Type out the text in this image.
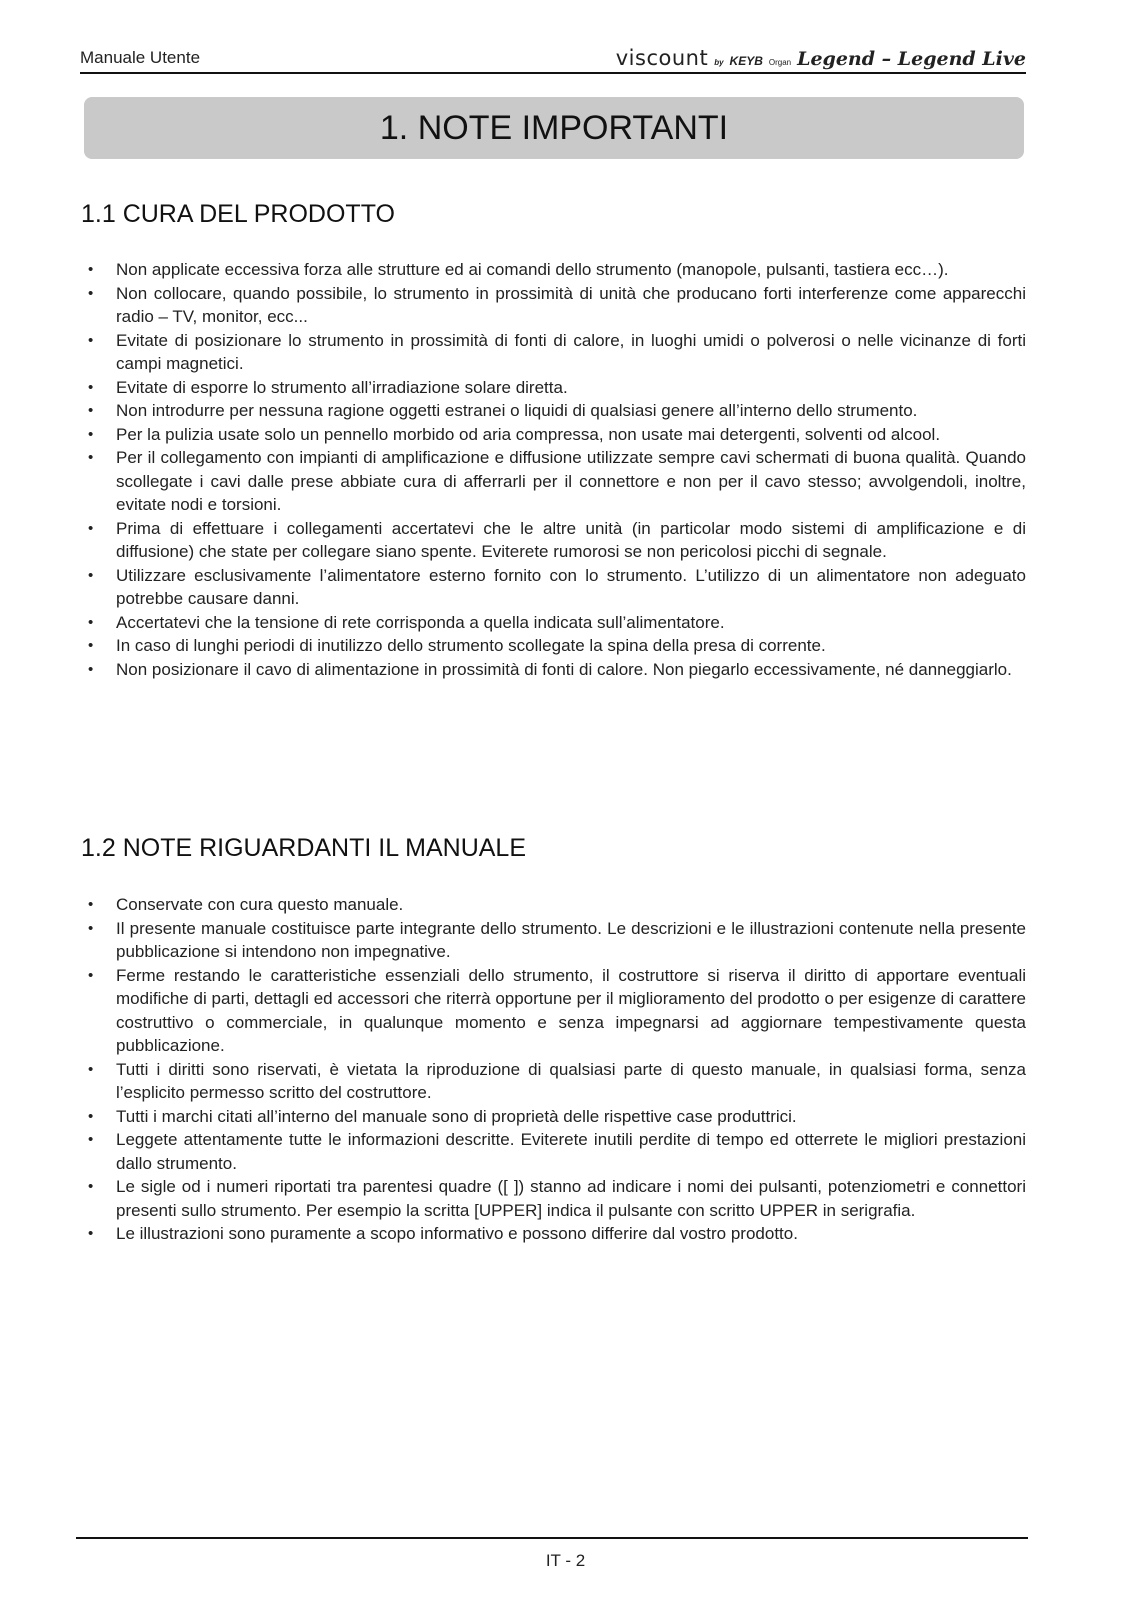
Manuale Utente	viscount by KEYB Organ Legend – Legend Live
1. NOTE IMPORTANTI
1.1 CURA DEL PRODOTTO
• Non applicate eccessiva forza alle strutture ed ai comandi dello strumento (manopole, pulsanti, tastiera ecc…).
• Non collocare, quando possibile, lo strumento in prossimità di unità che producano forti interferenze come apparecchi radio – TV, monitor, ecc...
• Evitate di posizionare lo strumento in prossimità di fonti di calore, in luoghi umidi o polverosi o nelle vicinanze di forti campi magnetici.
• Evitate di esporre lo strumento all’irradiazione solare diretta.
• Non introdurre per nessuna ragione oggetti estranei o liquidi di qualsiasi genere all’interno dello strumento.
• Per la pulizia usate solo un pennello morbido od aria compressa, non usate mai detergenti, solventi od alcool.
• Per il collegamento con impianti di amplificazione e diffusione utilizzate sempre cavi schermati di buona qualità. Quando scollegate i cavi dalle prese abbiate cura di afferrarli per il connettore e non per il cavo stesso; avvolgendoli, inoltre, evitate nodi e torsioni.
• Prima di effettuare i collegamenti accertatevi che le altre unità (in particolar modo sistemi di amplificazione e di diffusione) che state per collegare siano spente. Eviterete rumorosi se non pericolosi picchi di segnale.
• Utilizzare esclusivamente l’alimentatore esterno fornito con lo strumento. L’utilizzo di un alimentatore non adeguato potrebbe causare danni.
• Accertatevi che la tensione di rete corrisponda a quella indicata sull’alimentatore.
• In caso di lunghi periodi di inutilizzo dello strumento scollegate la spina della presa di corrente.
• Non posizionare il cavo di alimentazione in prossimità di fonti di calore. Non piegarlo eccessivamente, né danneggiarlo.
1.2 NOTE RIGUARDANTI IL MANUALE
• Conservate con cura questo manuale.
• Il presente manuale costituisce parte integrante dello strumento. Le descrizioni e le illustrazioni contenute nella presente pubblicazione si intendono non impegnative.
• Ferme restando le caratteristiche essenziali dello strumento, il costruttore si riserva il diritto di apportare eventuali modifiche di parti, dettagli ed accessori che riterrà opportune per il miglioramento del prodotto o per esigenze di carattere costruttivo o commerciale, in qualunque momento e senza impegnarsi ad aggiornare tempestivamente questa pubblicazione.
• Tutti i diritti sono riservati, è vietata la riproduzione di qualsiasi parte di questo manuale, in qualsiasi forma, senza l’esplicito permesso scritto del costruttore.
• Tutti i marchi citati all’interno del manuale sono di proprietà delle rispettive case produttrici.
• Leggete attentamente tutte le informazioni descritte. Eviterete inutili perdite di tempo ed otterrete le migliori prestazioni dallo strumento.
• Le sigle od i numeri riportati tra parentesi quadre ([ ]) stanno ad indicare i nomi dei pulsanti, potenziometri e connettori presenti sullo strumento. Per esempio la scritta [UPPER] indica il pulsante con scritto UPPER in serigrafia.
• Le illustrazioni sono puramente a scopo informativo e possono differire dal vostro prodotto.
IT - 2
